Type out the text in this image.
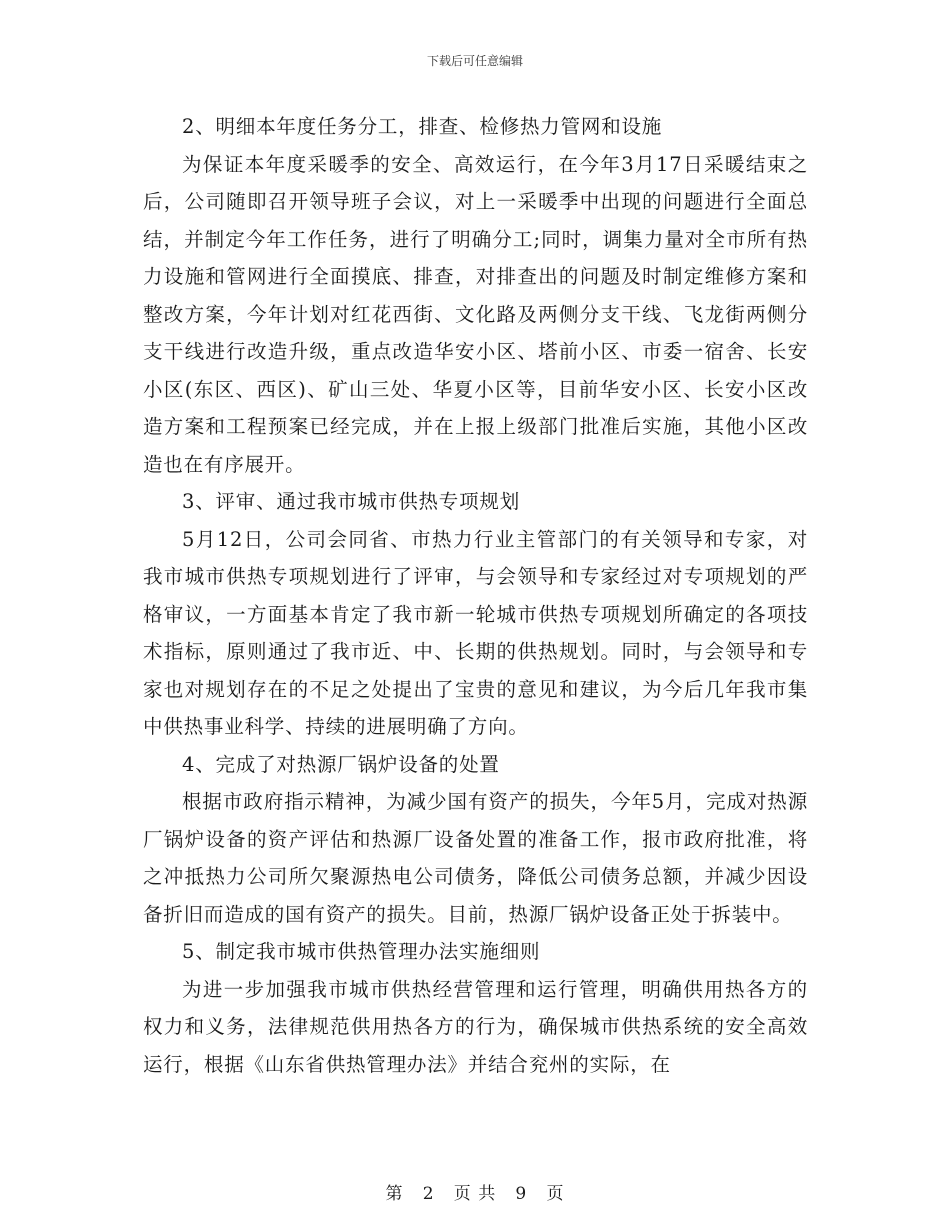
下载后可任意编辑

2、明细本年度任务分工，排查、检修热力管网和设施

为保证本年度采暖季的安全、高效运行，在今年3月17日采暖结束之后，公司随即召开领导班子会议，对上一采暖季中出现的问题进行全面总结，并制定今年工作任务，进行了明确分工;同时，调集力量对全市所有热力设施和管网进行全面摸底、排查，对排查出的问题及时制定维修方案和整改方案，今年计划对红花西街、文化路及两侧分支干线、飞龙街两侧分支干线进行改造升级，重点改造华安小区、塔前小区、市委一宿舍、长安小区(东区、西区)、矿山三处、华夏小区等，目前华安小区、长安小区改造方案和工程预案已经完成，并在上报上级部门批准后实施，其他小区改造也在有序展开。

3、评审、通过我市城市供热专项规划

5月12日，公司会同省、市热力行业主管部门的有关领导和专家，对我市城市供热专项规划进行了评审，与会领导和专家经过对专项规划的严格审议，一方面基本肯定了我市新一轮城市供热专项规划所确定的各项技术指标，原则通过了我市近、中、长期的供热规划。同时，与会领导和专家也对规划存在的不足之处提出了宝贵的意见和建议，为今后几年我市集中供热事业科学、持续的进展明确了方向。

4、完成了对热源厂锅炉设备的处置

根据市政府指示精神，为减少国有资产的损失，今年5月，完成对热源厂锅炉设备的资产评估和热源厂设备处置的准备工作，报市政府批准，将之冲抵热力公司所欠聚源热电公司债务，降低公司债务总额，并减少因设备折旧而造成的国有资产的损失。目前，热源厂锅炉设备正处于拆装中。

5、制定我市城市供热管理办法实施细则

为进一步加强我市城市供热经营管理和运行管理，明确供用热各方的权力和义务，法律规范供用热各方的行为，确保城市供热系统的安全高效运行，根据《山东省供热管理办法》并结合兖州的实际，在

第 2 页 共 9 页
